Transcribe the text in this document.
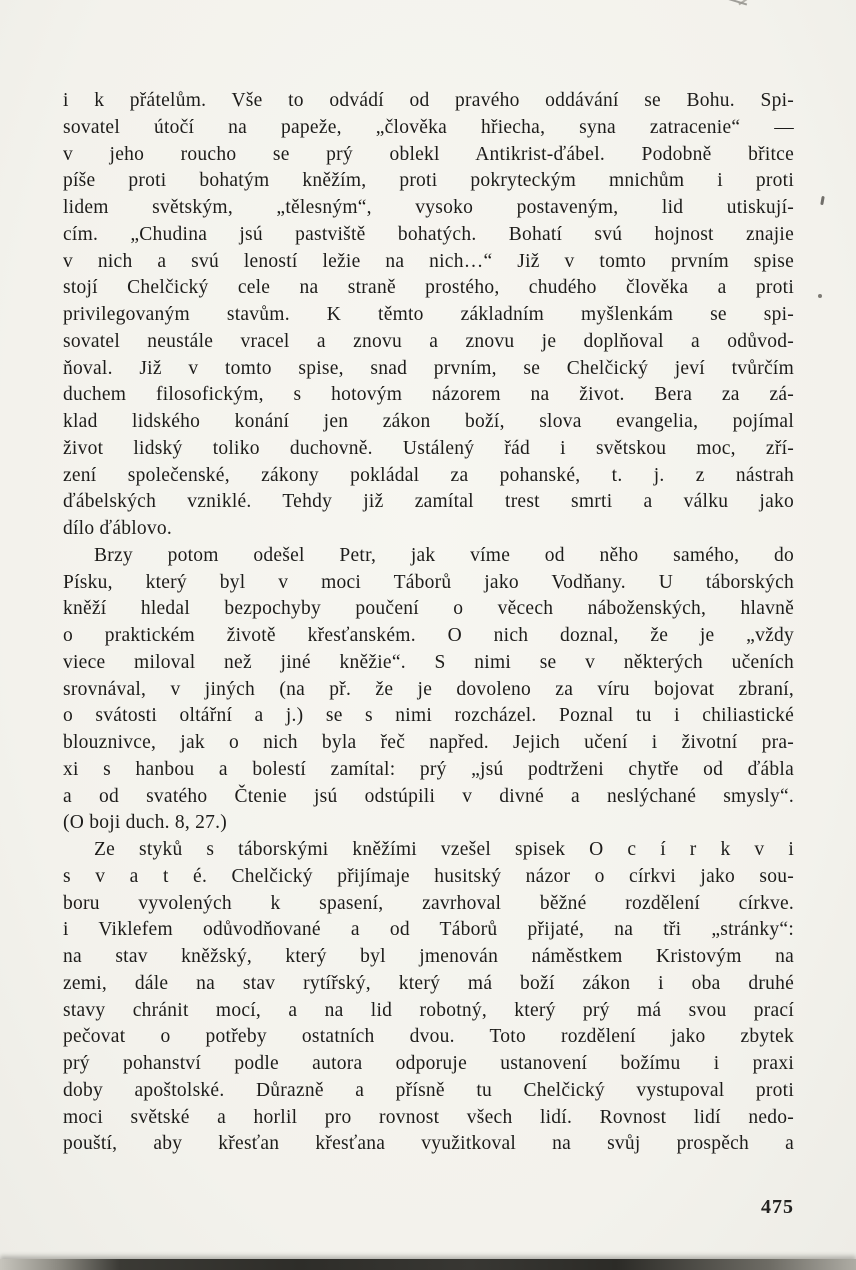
i k přátelům. Vše to odvádí od pravého oddávání se Bohu. Spi-
sovatel útočí na papeže, „člověka hřiecha, syna zatracenie“ —
v jeho roucho se prý oblekl Antikrist-ďábel. Podobně břitce
píše proti bohatým kněžím, proti pokryteckým mnichům i proti
lidem světským, „tělesným“, vysoko postaveným, lid utiskují-
cím. „Chudina jsú pastviště bohatých. Bohatí svú hojnost znajie
v nich a svú leností ležie na nich…“ Již v tomto prvním spise
stojí Chelčický cele na straně prostého, chudého člověka a proti
privilegovaným stavům. K těmto základním myšlenkám se spi-
sovatel neustále vracel a znovu a znovu je doplňoval a odůvod-
ňoval. Již v tomto spise, snad prvním, se Chelčický jeví tvůrčím
duchem filosofickým, s hotovým názorem na život. Bera za zá-
klad lidského konání jen zákon boží, slova evangelia, pojímal
život lidský toliko duchovně. Ustálený řád i světskou moc, zří-
zení společenské, zákony pokládal za pohanské, t. j. z nástrah
ďábelských vzniklé. Tehdy již zamítal trest smrti a válku jako
dílo ďáblovo.
Brzy potom odešel Petr, jak víme od něho samého, do
Písku, který byl v moci Táborů jako Vodňany. U táborských
kněží hledal bezpochyby poučení o věcech náboženských, hlavně
o praktickém životě křesťanském. O nich doznal, že je „vždy
viece miloval než jiné kněžie“. S nimi se v některých učeních
srovnával, v jiných (na př. že je dovoleno za víru bojovat zbraní,
o svátosti oltářní a j.) se s nimi rozcházel. Poznal tu i chiliastické
blouznivce, jak o nich byla řeč napřed. Jejich učení i životní pra-
xi s hanbou a bolestí zamítal: prý „jsú podtrženi chytře od ďábla
a od svatého Čtenie jsú odstúpili v divné a neslýchané smysly“.
(O boji duch. 8, 27.)
Ze styků s táborskými kněžími vzešel spisek O c í r k v i
s v a t é. Chelčický přijímaje husitský názor o církvi jako sou-
boru vyvolených k spasení, zavrhoval běžné rozdělení církve.
i Viklefem odůvodňované a od Táborů přijaté, na tři „stránky“:
na stav kněžský, který byl jmenován náměstkem Kristovým na
zemi, dále na stav rytířský, který má boží zákon i oba druhé
stavy chránit mocí, a na lid robotný, který prý má svou prací
pečovat o potřeby ostatních dvou. Toto rozdělení jako zbytek
prý pohanství podle autora odporuje ustanovení božímu i praxi
doby apoštolské. Důrazně a přísně tu Chelčický vystupoval proti
moci světské a horlil pro rovnost všech lidí. Rovnost lidí nedo-
pouští, aby křesťan křesťana využitkoval na svůj prospěch a
475
